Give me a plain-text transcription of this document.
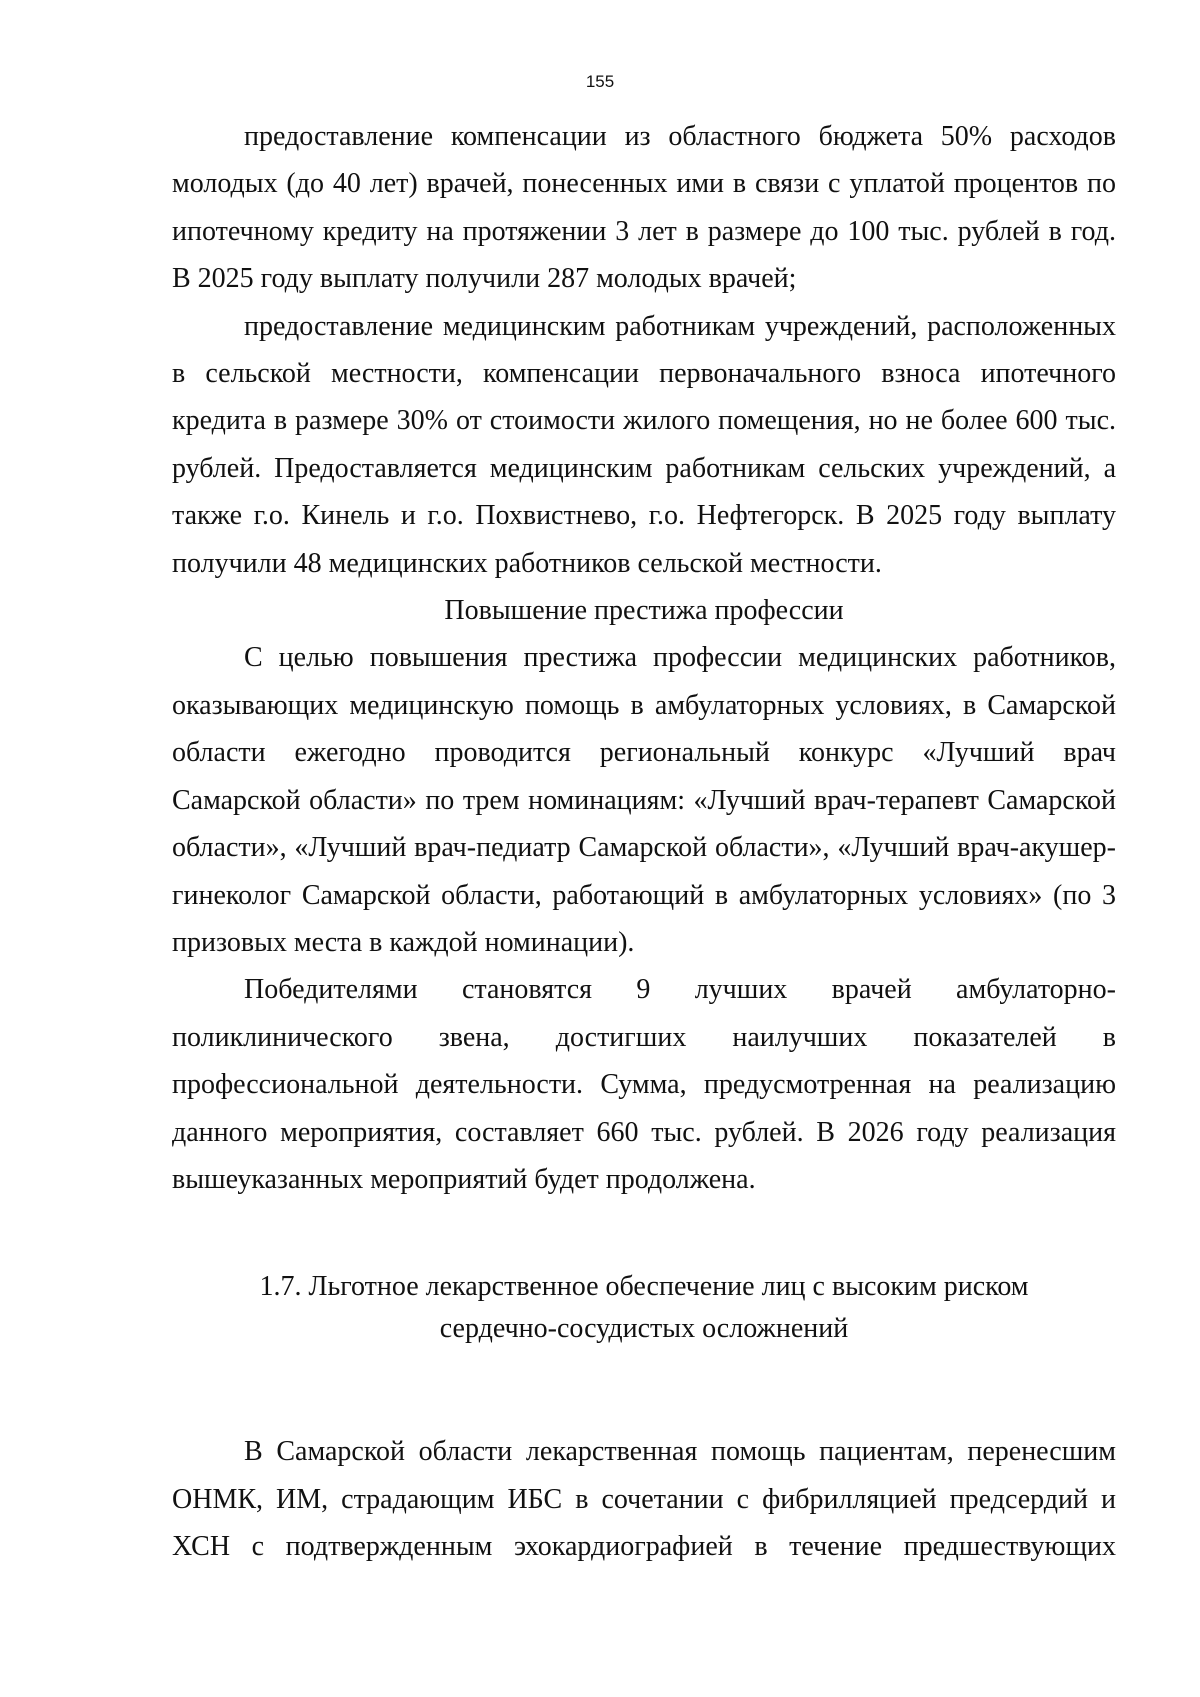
155

предоставление компенсации из областного бюджета 50% расходов молодых (до 40 лет) врачей, понесенных ими в связи с уплатой процентов по ипотечному кредиту на протяжении 3 лет в размере до 100 тыс. рублей в год. В 2025 году выплату получили 287 молодых врачей;

предоставление медицинским работникам учреждений, расположенных в сельской местности, компенсации первоначального взноса ипотечного кредита в размере 30% от стоимости жилого помещения, но не более 600 тыс. рублей. Предоставляется медицинским работникам сельских учреждений, а также г.о. Кинель и г.о. Похвистнево, г.о. Нефтегорск. В 2025 году выплату получили 48 медицинских работников сельской местности.

Повышение престижа профессии

С целью повышения престижа профессии медицинских работников, оказывающих медицинскую помощь в амбулаторных условиях, в Самарской области ежегодно проводится региональный конкурс «Лучший врач Самарской области» по трем номинациям: «Лучший врач-терапевт Самарской области», «Лучший врач-педиатр Самарской области», «Лучший врач-акушер-гинеколог Самарской области, работающий в амбулаторных условиях» (по 3 призовых места в каждой номинации).

Победителями становятся 9 лучших врачей амбулаторно-поликлинического звена, достигших наилучших показателей в профессиональной деятельности. Сумма, предусмотренная на реализацию данного мероприятия, составляет 660 тыс. рублей. В 2026 году реализация вышеуказанных мероприятий будет продолжена.

1.7. Льготное лекарственное обеспечение лиц с высоким риском
сердечно-сосудистых осложнений

В Самарской области лекарственная помощь пациентам, перенесшим ОНМК, ИМ, страдающим ИБС в сочетании с фибрилляцией предсердий и ХСН с подтвержденным эхокардиографией в течение предшествующих
